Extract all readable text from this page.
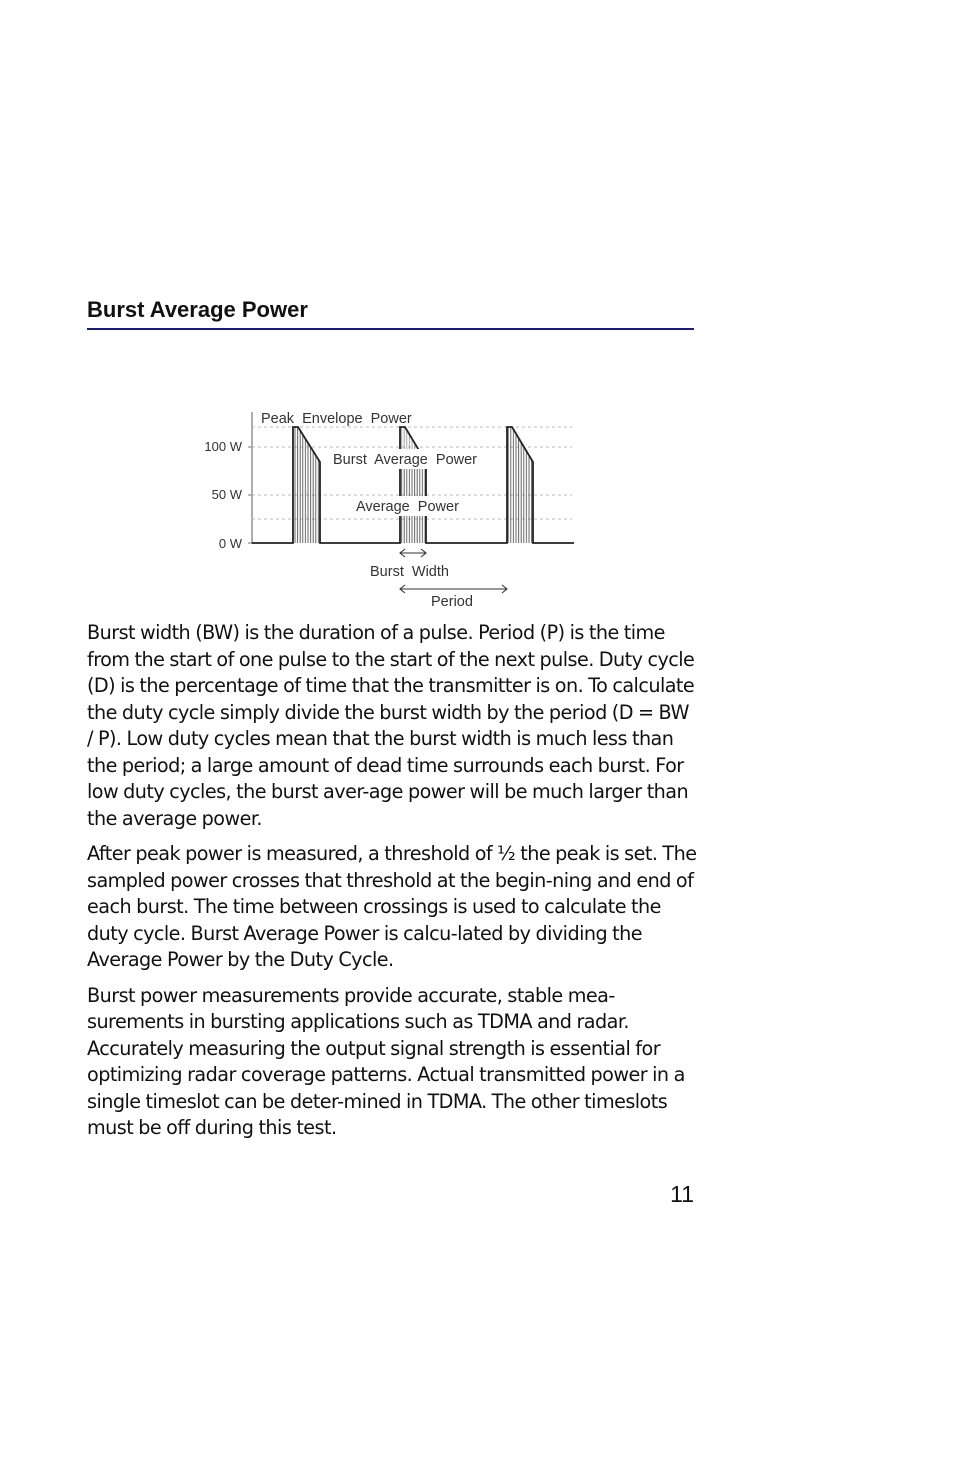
Burst Average Power
100 W
50 W
0 W
Peak  Envelope  Power
Burst  Average  Power
Average  Power
Burst  Width
Period

Burst width (BW) is the duration of a pulse. Period (P) is the time from the start of one pulse to the start of the next pulse. Duty cycle (D) is the percentage of time that the transmitter is on. To calculate the duty cycle simply divide the burst width by the period (D = BW / P). Low duty cycles mean that the burst width is much less than the period; a large amount of dead time surrounds each burst. For low duty cycles, the burst aver-age power will be much larger than the average power.

After peak power is measured, a threshold of ½ the peak is set. The sampled power crosses that threshold at the begin-ning and end of each burst. The time between crossings is used to calculate the duty cycle. Burst Average Power is calcu-lated by dividing the Average Power by the Duty Cycle.

Burst power measurements provide accurate, stable mea-surements in bursting applications such as TDMA and radar. Accurately measuring the output signal strength is essential for optimizing radar coverage patterns. Actual transmitted power in a single timeslot can be deter-mined in TDMA. The other timeslots must be off during this test.

11
